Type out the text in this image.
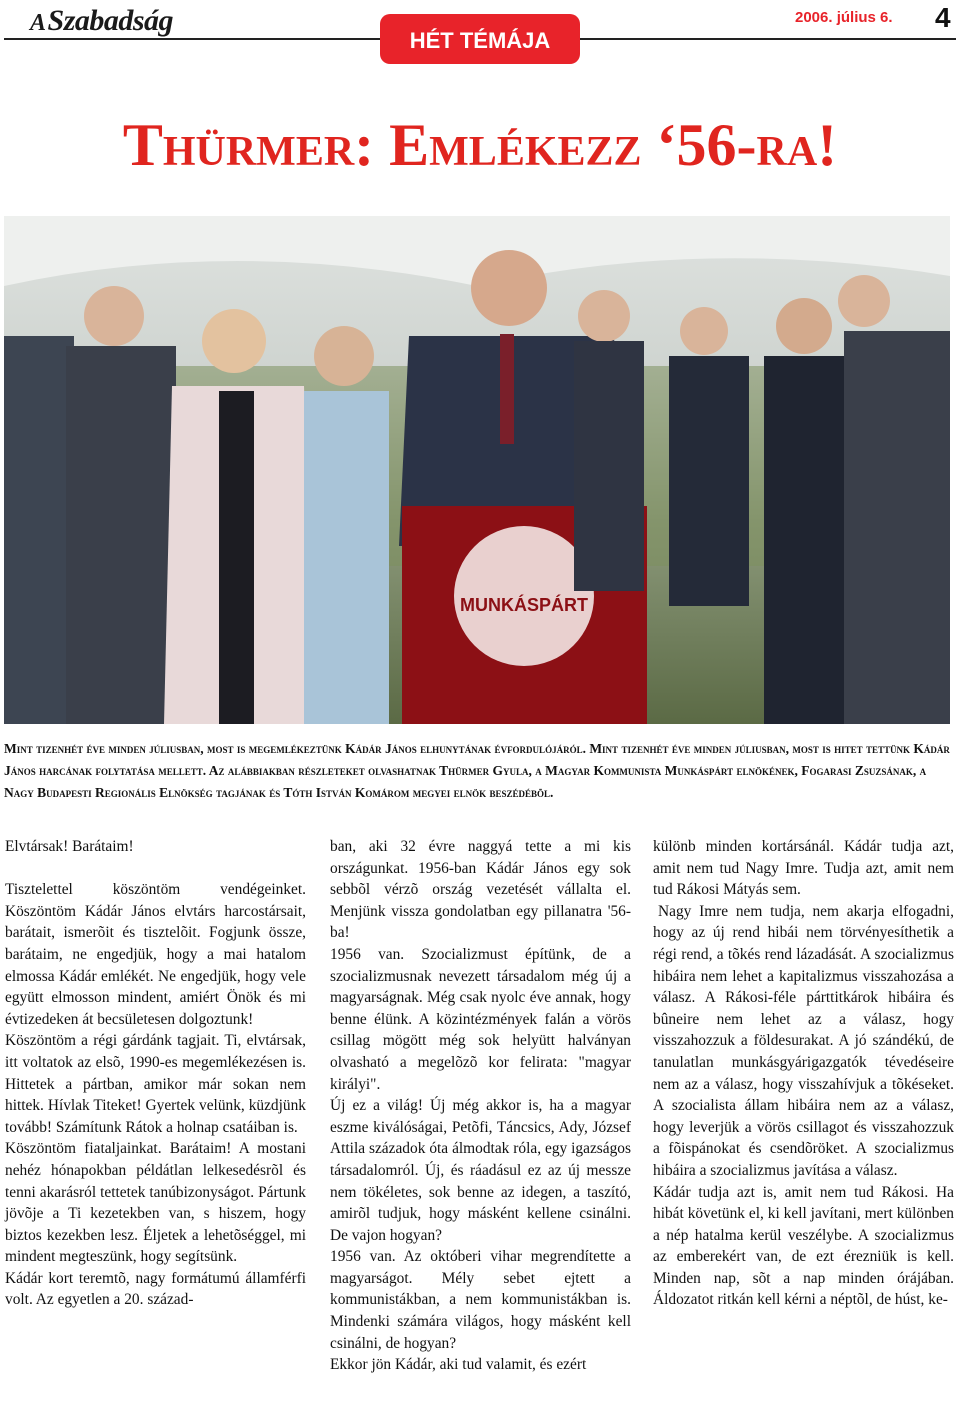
ASzabadság	2006. július 6. 4
HÉT TÉMÁJA
Thürmer: Emlékezz ‘56-ra!
MUNKÁSPÁRT
Mint tizenhét éve minden júliusban, most is megemlékeztünk Kádár János elhunytának évfordulójáról. Mint tizenhét éve minden júliusban, most is hitet tettünk Kádár János harcának folytatása mellett. Az alábbiakban részleteket olvashatnak Thürmer Gyula, a Magyar Kommunista Munkáspárt elnökének, Fogarasi Zsuzsának, a Nagy Budapesti Regionális Elnökség tagjának és Tóth István Komárom megyei elnök beszédébõl.

Elvtársak! Barátaim!

Tisztelettel köszöntöm vendégeinket. Köszöntöm Kádár János elvtárs harcostársait, barátait, ismerõit és tisztelõit. Fogjunk össze, barátaim, ne engedjük, hogy a mai hatalom elmossa Kádár emlékét. Ne engedjük, hogy vele együtt elmosson mindent, amiért Önök és mi évtizedeken át becsületesen dolgoztunk!

Köszöntöm a régi gárdánk tagjait. Ti, elvtársak, itt voltatok az elsõ, 1990-es megemlékezésen is. Hittetek a pártban, amikor már sokan nem hittek. Hívlak Titeket! Gyertek velünk, küzdjünk tovább! Számítunk Rátok a holnap csatáiban is.

Köszöntöm fiataljainkat. Barátaim! A mostani nehéz hónapokban példátlan lelkesedésrõl és tenni akarásról tettetek tanúbizonyságot. Pártunk jövõje a Ti kezetekben van, s hiszem, hogy biztos kezekben lesz. Éljetek a lehetõséggel, mi mindent megteszünk, hogy segítsünk.

Kádár kort teremtõ, nagy formátumú államférfi volt. Az egyetlen a 20. század-

ban, aki 32 évre naggyá tette a mi kis országunkat. 1956-ban Kádár János egy sok sebbõl vérzõ ország vezetését vállalta el. Menjünk vissza gondolatban egy pillanatra '56-ba!

1956 van. Szocializmust építünk, de a szocializmusnak nevezett társadalom még új a magyarságnak. Még csak nyolc éve annak, hogy benne élünk. A közintézmények falán a vörös csillag mögött még sok helyütt halványan olvasható a megelõzõ kor felirata: "magyar királyi".

Új ez a világ! Új még akkor is, ha a magyar eszme kiválóságai, Petõfi, Táncsics, Ady, József Attila századok óta álmodtak róla, egy igazságos társadalomról. Új, és ráadásul ez az új messze nem tökéletes, sok benne az idegen, a taszító, amirõl tudjuk, hogy másként kellene csinálni. De vajon hogyan?

1956 van. Az októberi vihar megrendítette a magyarságot. Mély sebet ejtett a kommunistákban, a nem kommunistákban is. Mindenki számára világos, hogy másként kell csinálni, de hogyan?

Ekkor jön Kádár, aki tud valamit, és ezért

különb minden kortársánál. Kádár tudja azt, amit nem tud Nagy Imre. Tudja azt, amit nem tud Rákosi Mátyás sem.

Nagy Imre nem tudja, nem akarja elfogadni, hogy az új rend hibái nem törvényesíthetik a régi rend, a tõkés rend lázadását. A szocializmus hibáira nem lehet a kapitalizmus visszahozása a válasz. A Rákosi-féle párttitkárok hibáira és bûneire nem lehet az a válasz, hogy visszahozzuk a földesurakat. A jó szándékú, de tanulatlan munkásgyárigazgatók tévedéseire nem az a válasz, hogy visszahívjuk a tõkéseket. A szocialista állam hibáira nem az a válasz, hogy leverjük a vörös csillagot és visszahozzuk a fõispánokat és csendõröket. A szocializmus hibáira a szocializmus javítása a válasz.

Kádár tudja azt is, amit nem tud Rákosi. Ha hibát követünk el, ki kell javítani, mert különben a nép hatalma kerül veszélybe. A szocializmus az emberekért van, de ezt érezniük is kell. Minden nap, sõt a nap minden órájában. Áldozatot ritkán kell kérni a néptõl, de húst, ke-
